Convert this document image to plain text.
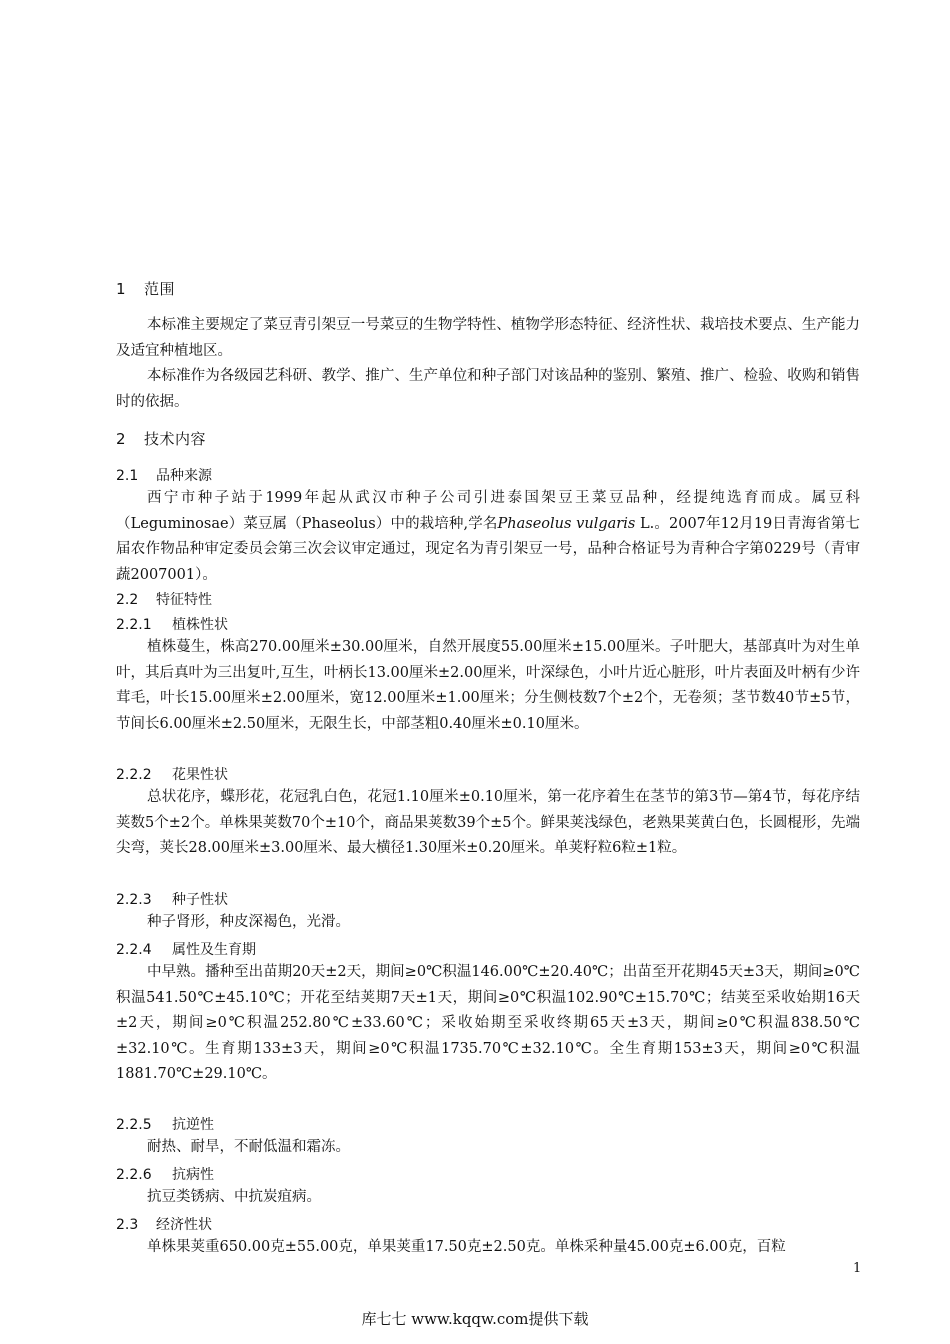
1 范围

本标准主要规定了菜豆青引架豆一号菜豆的生物学特性、植物学形态特征、经济性状、栽培技术要点、生产能力及适宜种植地区。

本标准作为各级园艺科研、教学、推广、生产单位和种子部门对该品种的鉴别、繁殖、推广、检验、收购和销售时的依据。

2 技术内容
2.1 品种来源

西宁市种子站于1999年起从武汉市种子公司引进泰国架豆王菜豆品种，经提纯选育而成。属豆科（Leguminosae）菜豆属（Phaseolus）中的栽培种,学名Phaseolus vulgaris L.。2007年12月19日青海省第七届农作物品种审定委员会第三次会议审定通过，现定名为青引架豆一号，品种合格证号为青种合字第0229号（青审蔬2007001）。

2.2 特征特性
2.2.1 植株性状

植株蔓生，株高270.00厘米±30.00厘米，自然开展度55.00厘米±15.00厘米。子叶肥大，基部真叶为对生单叶，其后真叶为三出复叶,互生，叶柄长13.00厘米±2.00厘米，叶深绿色，小叶片近心脏形，叶片表面及叶柄有少许茸毛，叶长15.00厘米±2.00厘米，宽12.00厘米±1.00厘米；分生侧枝数7个±2个，无卷须；茎节数40节±5节，节间长6.00厘米±2.50厘米，无限生长，中部茎粗0.40厘米±0.10厘米。

2.2.2 花果性状

总状花序，蝶形花，花冠乳白色，花冠1.10厘米±0.10厘米，第一花序着生在茎节的第3节—第4节，每花序结荚数5个±2个。单株果荚数70个±10个，商品果荚数39个±5个。鲜果荚浅绿色，老熟果荚黄白色，长圆棍形，先端尖弯，荚长28.00厘米±3.00厘米、最大横径1.30厘米±0.20厘米。单荚籽粒6粒±1粒。

2.2.3 种子性状

种子肾形，种皮深褐色，光滑。

2.2.4 属性及生育期

中早熟。播种至出苗期20天±2天，期间≥0℃积温146.00℃±20.40℃；出苗至开花期45天±3天，期间≥0℃积温541.50℃±45.10℃；开花至结荚期7天±1天，期间≥0℃积温102.90℃±15.70℃；结荚至采收始期16天±2天，期间≥0℃积温252.80℃±33.60℃；采收始期至采收终期65天±3天，期间≥0℃积温838.50℃±32.10℃。生育期133±3天，期间≥0℃积温1735.70℃±32.10℃。全生育期153±3天，期间≥0℃积温1881.70℃±29.10℃。

2.2.5 抗逆性

耐热、耐旱，不耐低温和霜冻。

2.2.6 抗病性

抗豆类锈病、中抗炭疽病。

2.3 经济性状

单株果荚重650.00克±55.00克，单果荚重17.50克±2.50克。单株采种量45.00克±6.00克，百粒

1
库七七 www.kqqw.com提供下载
